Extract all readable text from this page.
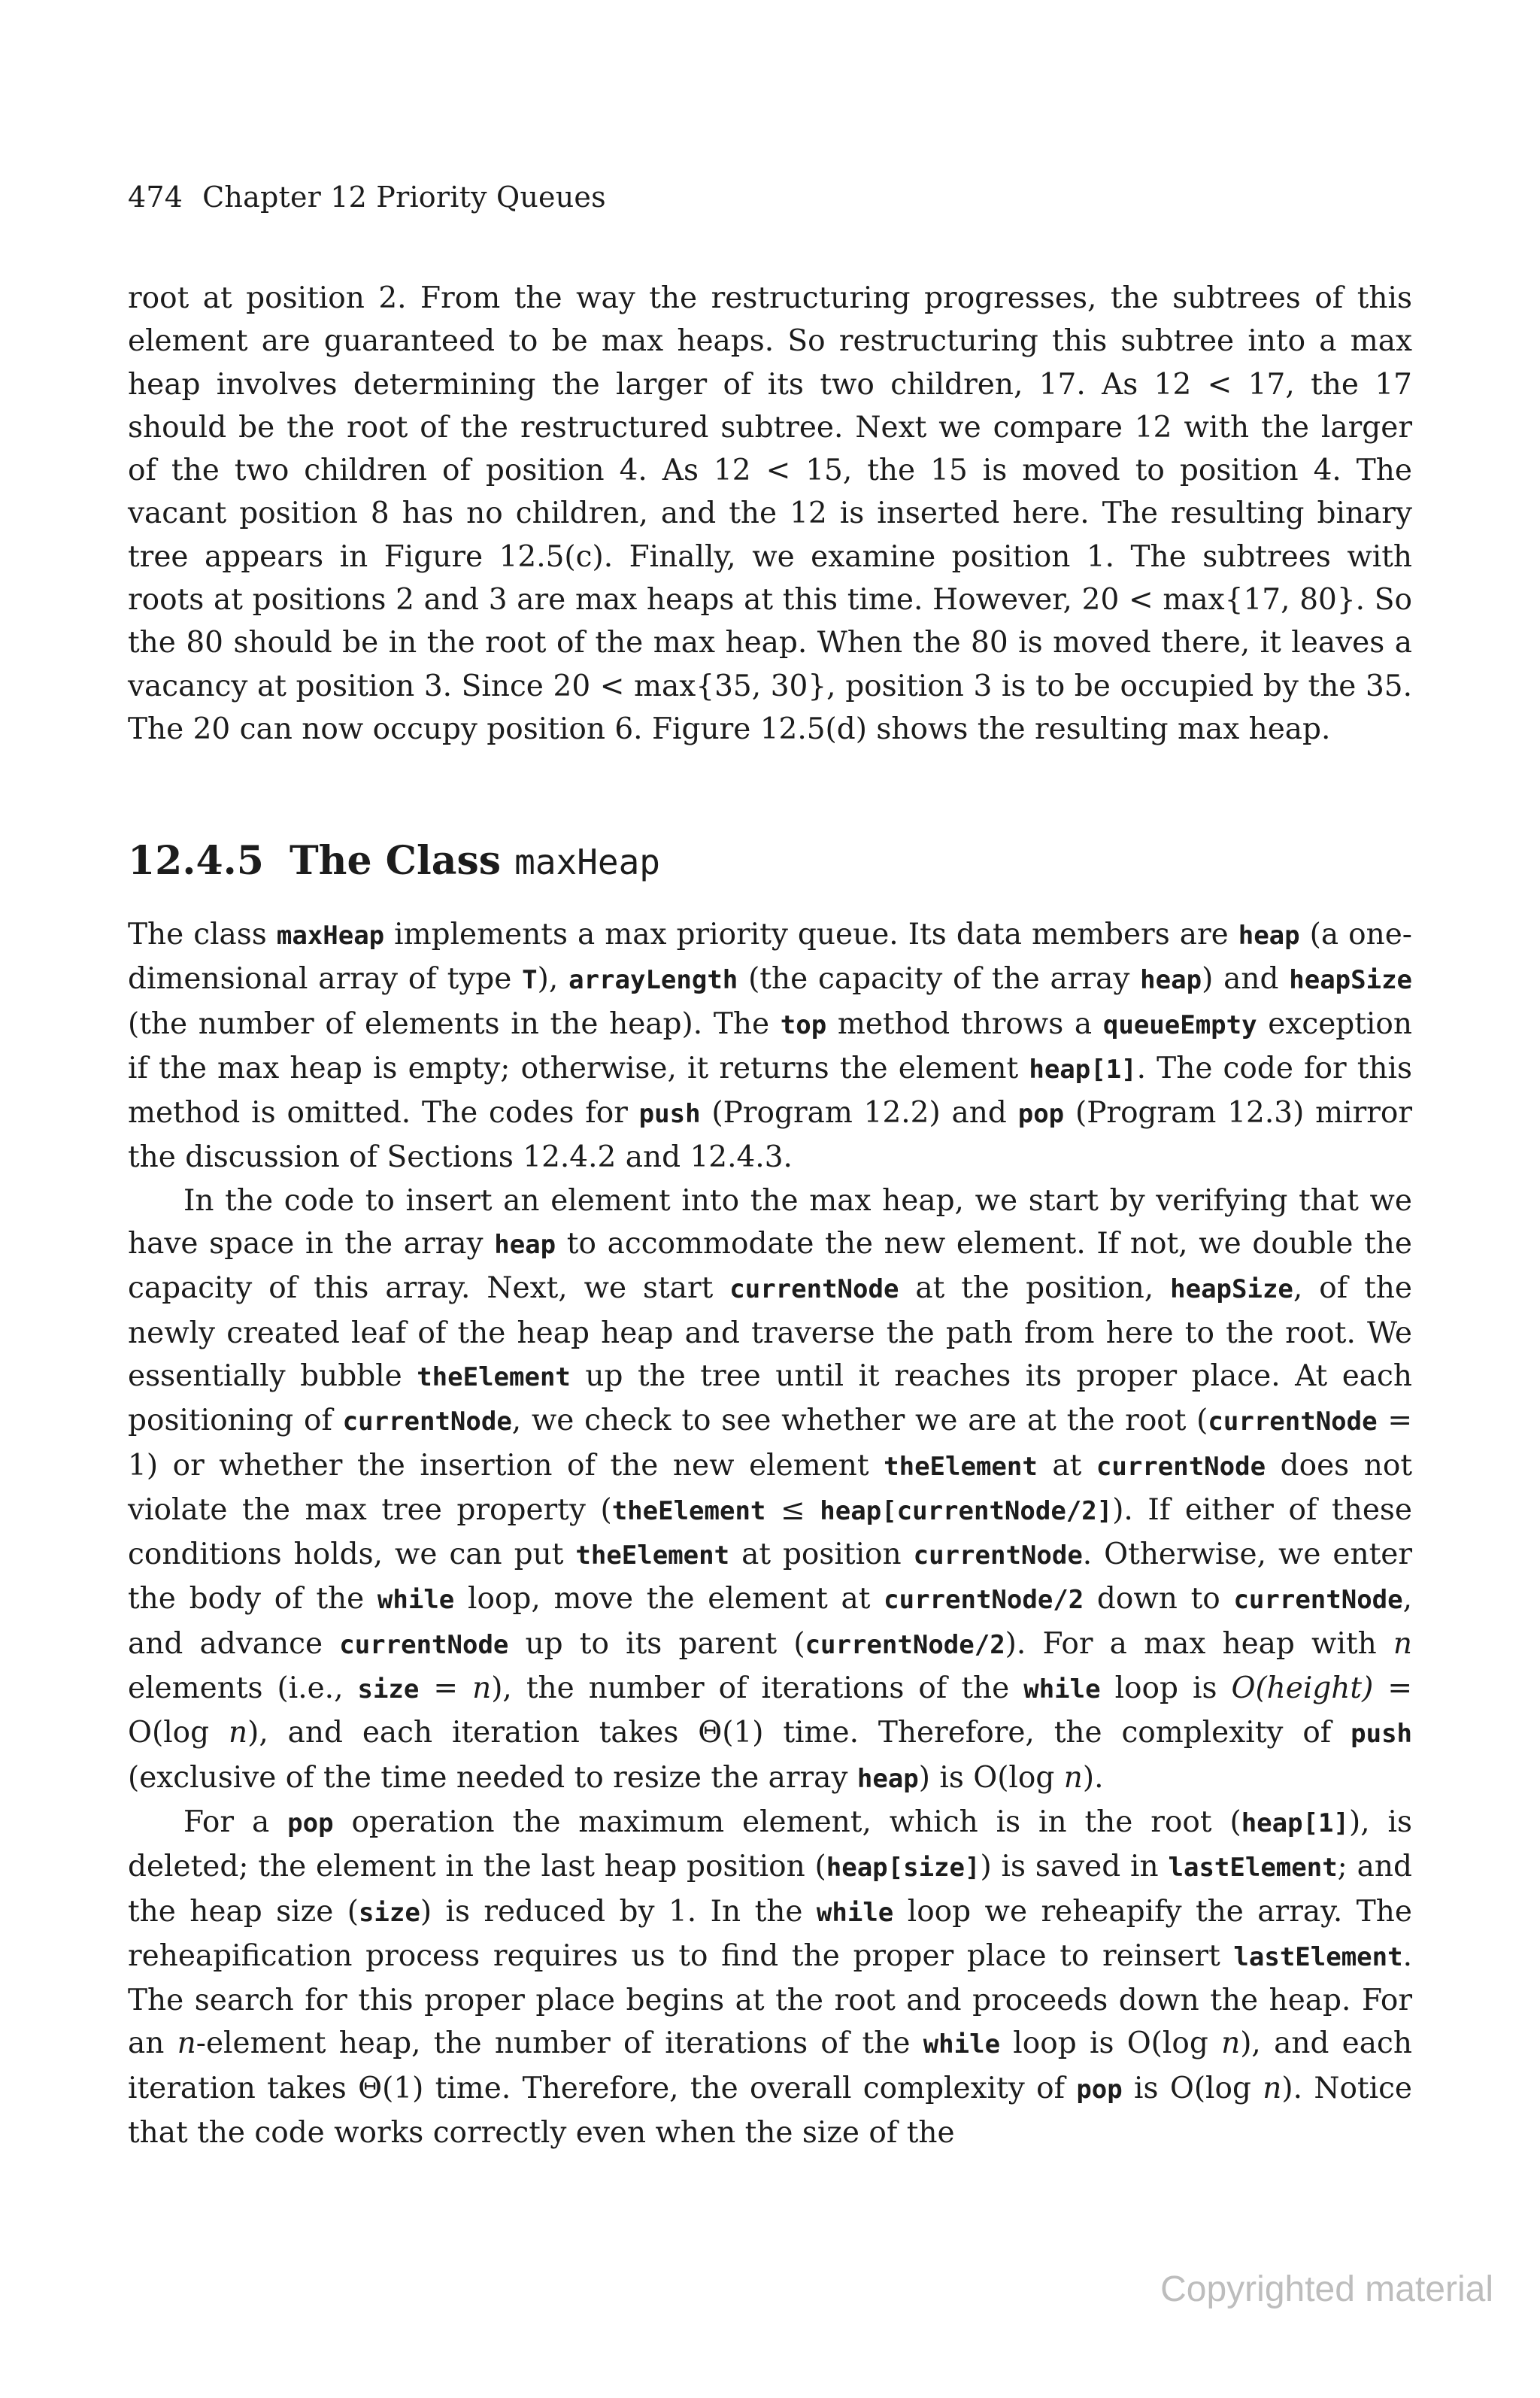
474 Chapter 12 Priority Queues

root at position 2. From the way the restructuring progresses, the subtrees of this element are guaranteed to be max heaps. So restructuring this subtree into a max heap involves determining the larger of its two children, 17. As 12 < 17, the 17 should be the root of the restructured subtree. Next we compare 12 with the larger of the two children of position 4. As 12 < 15, the 15 is moved to position 4. The vacant position 8 has no children, and the 12 is inserted here. The resulting binary tree appears in Figure 12.5(c). Finally, we examine position 1. The subtrees with roots at positions 2 and 3 are max heaps at this time. However, 20 < max{17, 80}. So the 80 should be in the root of the max heap. When the 80 is moved there, it leaves a vacancy at position 3. Since 20 < max{35, 30}, position 3 is to be occupied by the 35. The 20 can now occupy position 6. Figure 12.5(d) shows the resulting max heap.

12.4.5 The Class maxHeap

The class maxHeap implements a max priority queue. Its data members are heap (a one-dimensional array of type T), arrayLength (the capacity of the array heap) and heapSize (the number of elements in the heap). The top method throws a queueEmpty exception if the max heap is empty; otherwise, it returns the element heap[1]. The code for this method is omitted. The codes for push (Program 12.2) and pop (Program 12.3) mirror the discussion of Sections 12.4.2 and 12.4.3.

In the code to insert an element into the max heap, we start by verifying that we have space in the array heap to accommodate the new element. If not, we double the capacity of this array. Next, we start currentNode at the position, heapSize, of the newly created leaf of the heap heap and traverse the path from here to the root. We essentially bubble theElement up the tree until it reaches its proper place. At each positioning of currentNode, we check to see whether we are at the root (currentNode = 1) or whether the insertion of the new element theElement at currentNode does not violate the max tree property (theElement ≤ heap[currentNode/2]). If either of these conditions holds, we can put theElement at position currentNode. Otherwise, we enter the body of the while loop, move the element at currentNode/2 down to currentNode, and advance currentNode up to its parent (currentNode/2). For a max heap with n elements (i.e., size = n), the number of iterations of the while loop is O(height) = O(log n), and each iteration takes Θ(1) time. Therefore, the complexity of push (exclusive of the time needed to resize the array heap) is O(log n).

For a pop operation the maximum element, which is in the root (heap[1]), is deleted; the element in the last heap position (heap[size]) is saved in lastElement; and the heap size (size) is reduced by 1. In the while loop we reheapify the array. The reheapification process requires us to find the proper place to reinsert lastElement. The search for this proper place begins at the root and proceeds down the heap. For an n-element heap, the number of iterations of the while loop is O(log n), and each iteration takes Θ(1) time. Therefore, the overall complexity of pop is O(log n). Notice that the code works correctly even when the size of the

Copyrighted material
